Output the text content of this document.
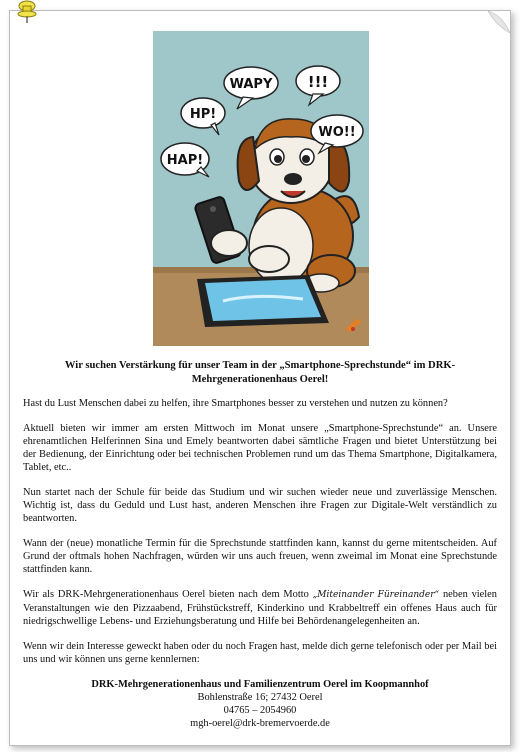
WAPY !!!
HP!
WO!!
HAP!
Wir suchen Verstärkung für unser Team in der „Smartphone-Sprechstunde“ im DRK-Mehrgenerationenhaus Oerel!

Hast du Lust Menschen dabei zu helfen, ihre Smartphones besser zu verstehen und nutzen zu können?

Aktuell bieten wir immer am ersten Mittwoch im Monat unsere „Smartphone-Sprechstunde“ an. Unsere ehrenamtlichen Helferinnen Sina und Emely beantworten dabei sämtliche Fragen und bietet Unterstützung bei der Bedienung, der Einrichtung oder bei technischen Problemen rund um das Thema Smartphone, Digitalkamera, Tablet, etc..

Nun startet nach der Schule für beide das Studium und wir suchen wieder neue und zuverlässige Menschen. Wichtig ist, dass du Geduld und Lust hast, anderen Menschen ihre Fragen zur Digitale-Welt verständlich zu beantworten.

Wann der (neue) monatliche Termin für die Sprechstunde stattfinden kann, kannst du gerne mitentscheiden. Auf Grund der oftmals hohen Nachfragen, würden wir uns auch freuen, wenn zweimal im Monat eine Sprechstunde stattfinden kann.

Wir als DRK-Mehrgenerationenhaus Oerel bieten nach dem Motto „Miteinander Füreinander“ neben vielen Veranstaltungen wie den Pizzaabend, Frühstückstreff, Kinderkino und Krabbeltreff ein offenes Haus auch für niedrigschwellige Lebens- und Erziehungsberatung und Hilfe bei Behördenangelegenheiten an.

Wenn wir dein Interesse geweckt haben oder du noch Fragen hast, melde dich gerne telefonisch oder per Mail bei uns und wir können uns gerne kennlernen:

DRK-Mehrgenerationenhaus und Familienzentrum Oerel im Koopmannhof
Bohlenstraße 16; 27432 Oerel
04765 – 2054960
mgh-oerel@drk-bremervoerde.de
